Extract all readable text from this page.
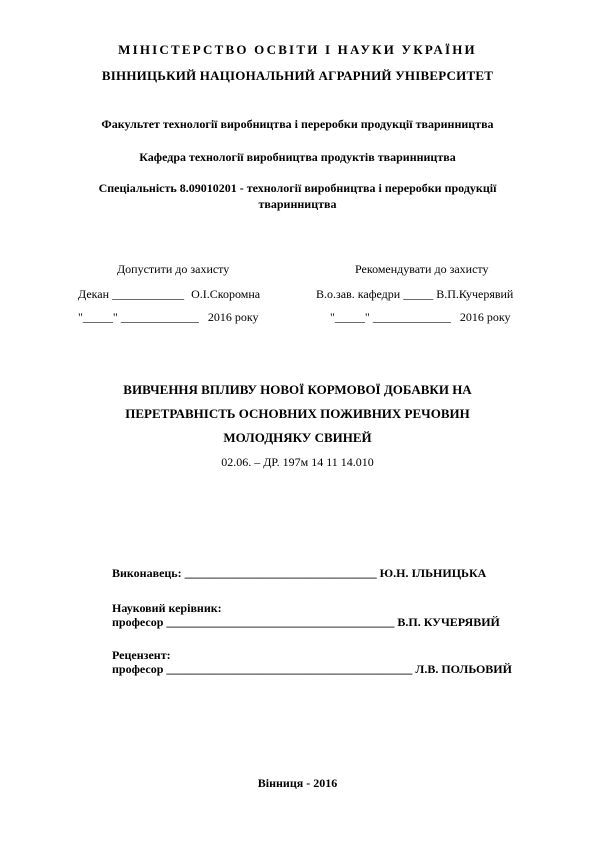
МІНІСТЕРСТВО ОСВІТИ І НАУКИ УКРАЇНИ
ВІННИЦЬКИЙ НАЦІОНАЛЬНИЙ АГРАРНИЙ УНІВЕРСИТЕТ
Факультет технології виробництва і переробки продукції тваринництва
Кафедра технології виробництва продуктів тваринництва
Спеціальність 8.09010201 - технології виробництва і переробки продукції
тваринництва
Допустити до захисту
Декан ____________ О.І.Скоромна
"_____" _____________ 2016 року
Рекомендувати до захисту
В.о.зав. кафедри _____ В.П.Кучерявий
"_____" _____________ 2016 року
ВИВЧЕННЯ ВПЛИВУ НОВОЇ КОРМОВОЇ ДОБАВКИ НА
ПЕРЕТРАВНІСТЬ ОСНОВНИХ ПОЖИВНИХ РЕЧОВИН
МОЛОДНЯКУ СВИНЕЙ
02.06. – ДР. 197м 14 11 14.010
Виконавець: ________________________________ Ю.Н. ІЛЬНИЦЬКА
Науковий керівник:
професор ______________________________________ В.П. КУЧЕРЯВИЙ
Рецензент:
професор _________________________________________ Л.В. ПОЛЬОВИЙ
Вінниця - 2016
